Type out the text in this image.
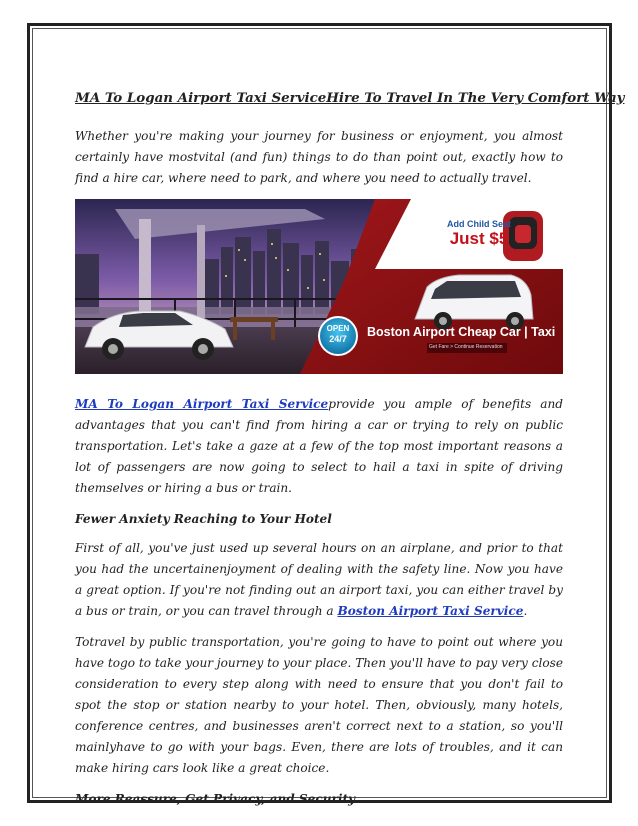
MA To Logan Airport Taxi ServiceHire To Travel In The Very Comfort Way

Whether you're making your journey for business or enjoyment, you almost certainly have mostvital (and fun) things to do than point out, exactly how to find a hire car, where need to park, and where you need to actually travel.

Add Child Seat
Just $5
OPEN
24/7	Boston Airport Cheap Car | Taxi
Get Fare > Continue Reservation

MA To Logan Airport Taxi Serviceprovide you ample of benefits and advantages that you can't find from hiring a car or trying to rely on public transportation. Let's take a gaze at a few of the top most important reasons a lot of passengers are now going to select to hail a taxi in spite of driving themselves or hiring a bus or train.

Fewer Anxiety Reaching to Your Hotel

First of all, you've just used up several hours on an airplane, and prior to that you had the uncertainenjoyment of dealing with the safety line. Now you have a great option. If you're not finding out an airport taxi, you can either travel by a bus or train, or you can travel through a Boston Airport Taxi Service.

Totravel by public transportation, you're going to have to point out where you have togo to take your journey to your place. Then you'll have to pay very close consideration to every step along with need to ensure that you don't fail to spot the stop or station nearby to your hotel. Then, obviously, many hotels, conference centres, and businesses aren't correct next to a station, so you'll mainlyhave to go with your bags. Even, there are lots of troubles, and it can make hiring cars look like a great choice.

More Reassure, Get Privacy, and Security
